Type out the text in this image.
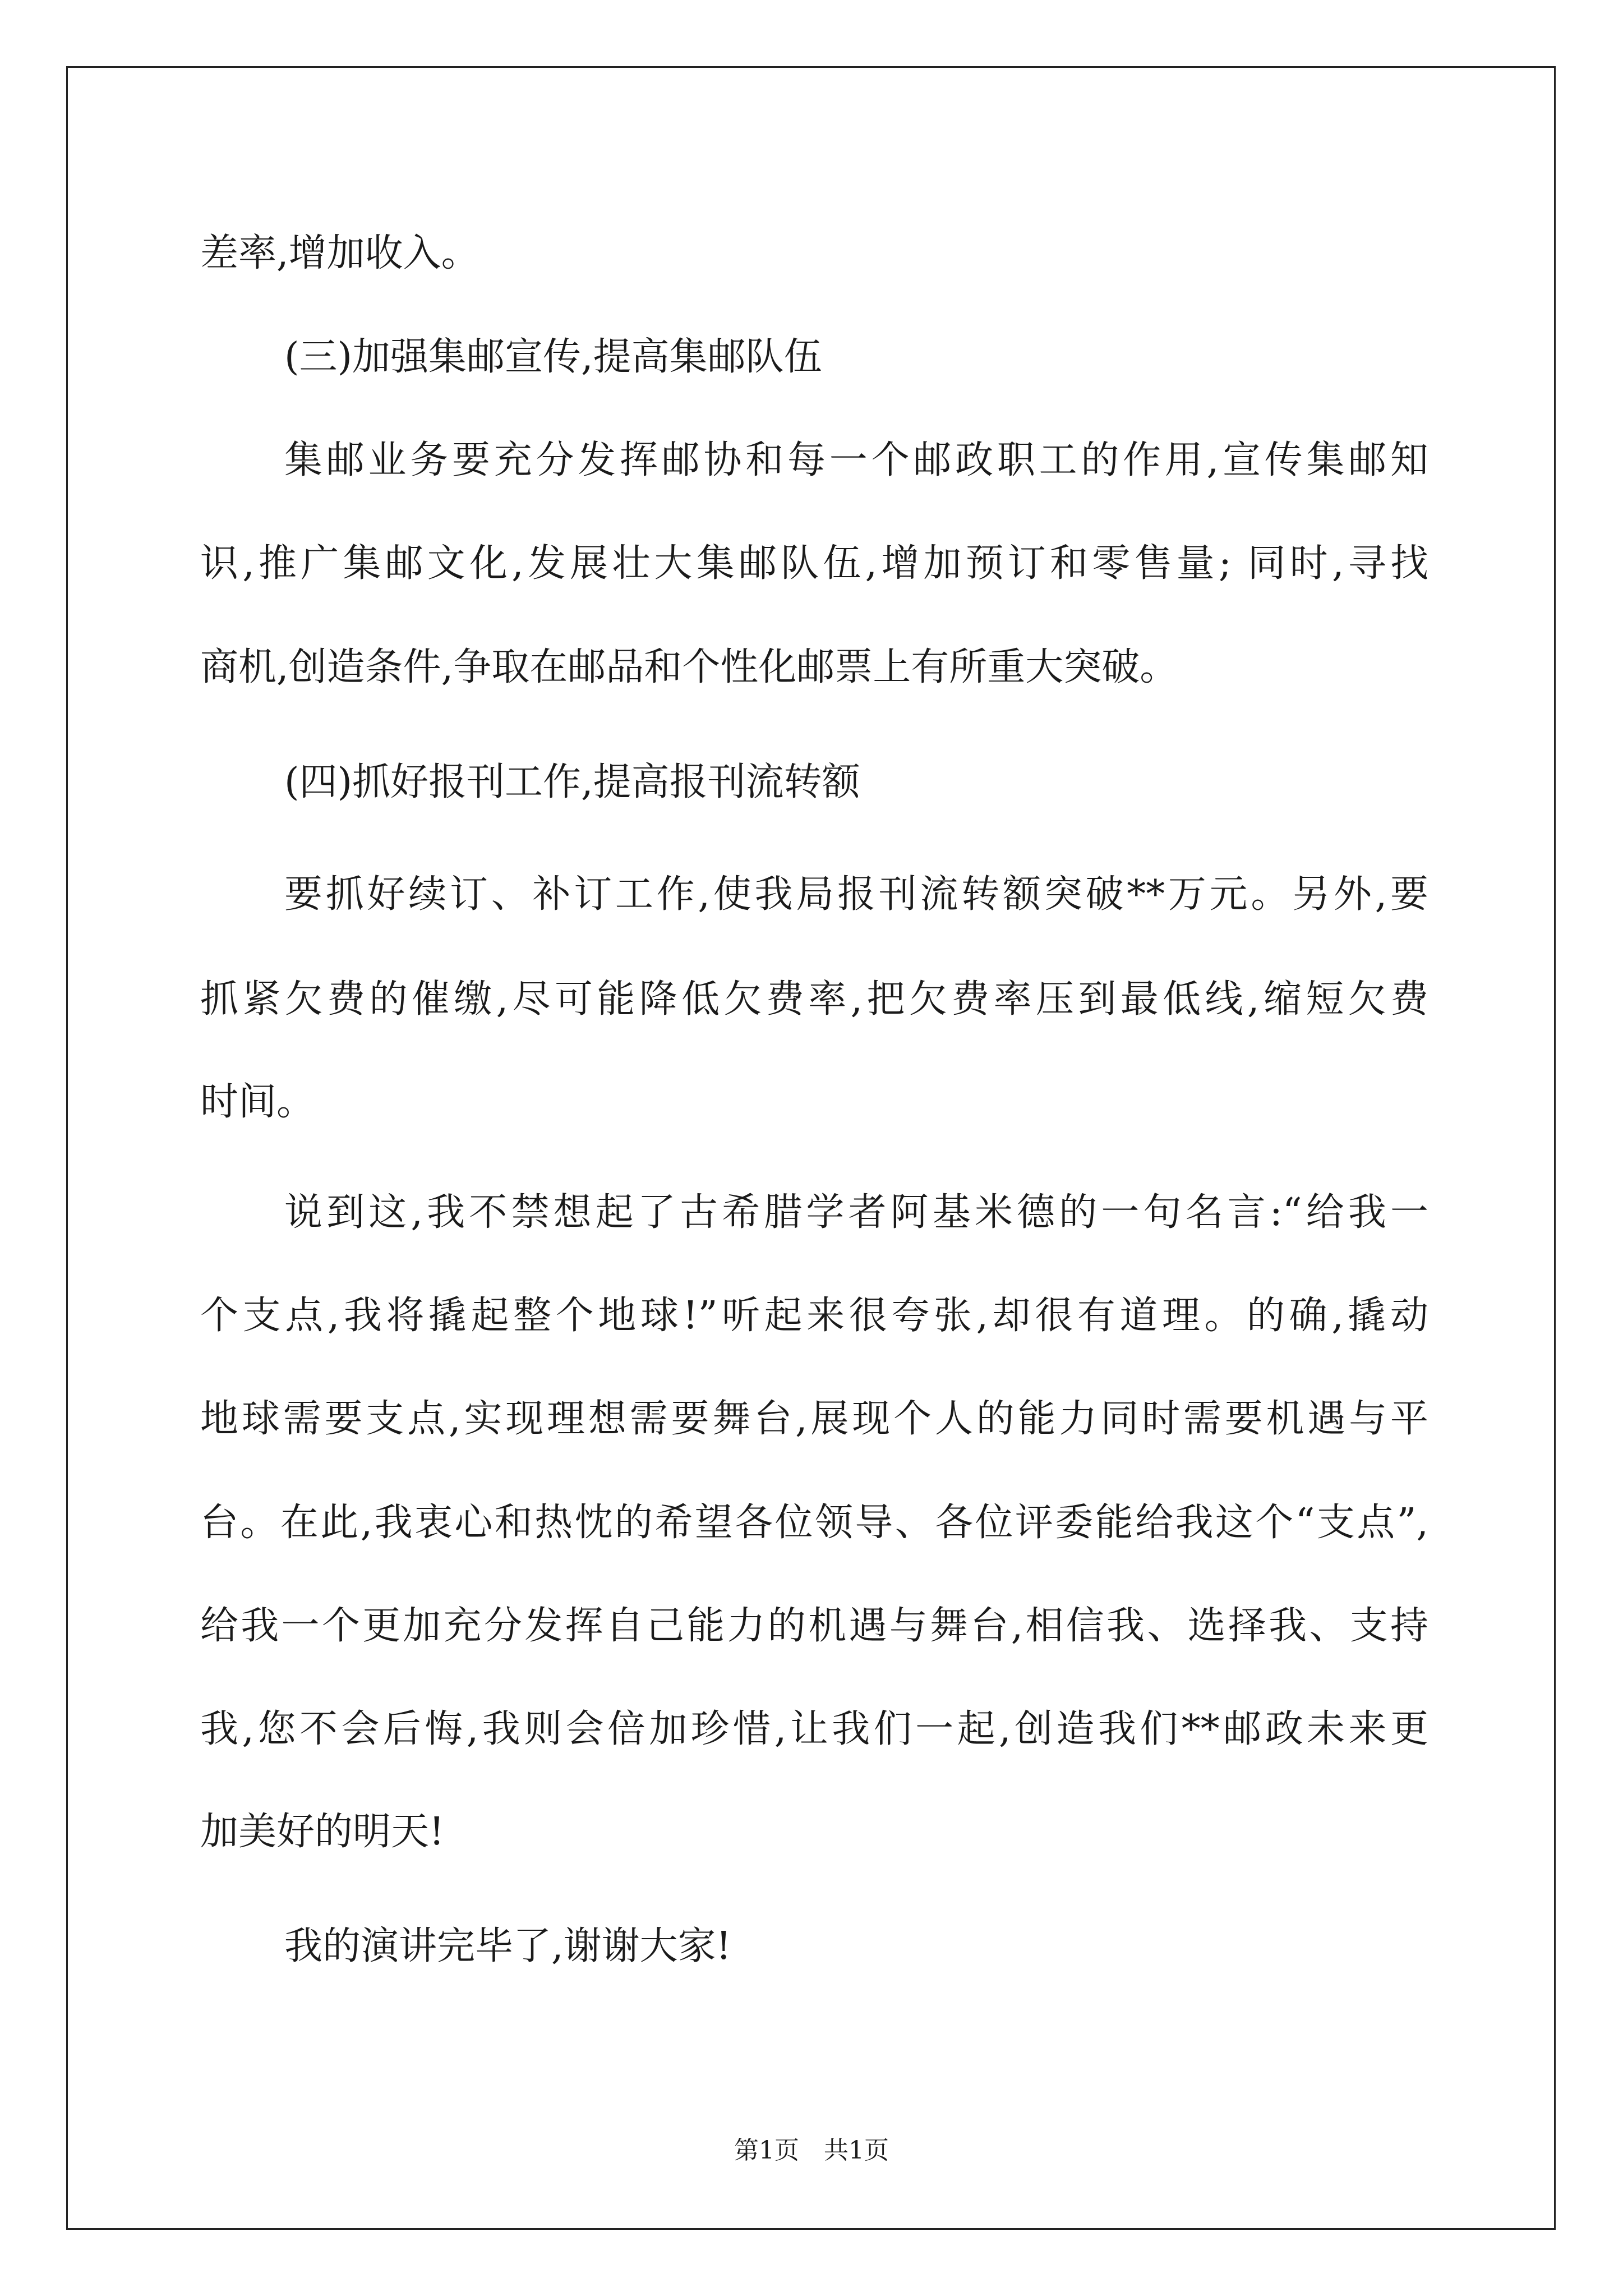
差率,增加收入。
(三)加强集邮宣传,提高集邮队伍
集邮业务要充分发挥邮协和每一个邮政职工的作用,宣传集邮知
识,推广集邮文化,发展壮大集邮队伍,增加预订和零售量; 同时,寻找
商机,创造条件,争取在邮品和个性化邮票上有所重大突破。
(四)抓好报刊工作,提高报刊流转额
要抓好续订、补订工作,使我局报刊流转额突破**万元。另外,要
抓紧欠费的催缴,尽可能降低欠费率,把欠费率压到最低线,缩短欠费
时间。
说到这,我不禁想起了古希腊学者阿基米德的一句名言:“给我一
个支点,我将撬起整个地球!”听起来很夸张,却很有道理。的确,撬动
地球需要支点,实现理想需要舞台,展现个人的能力同时需要机遇与平
台。在此,我衷心和热忱的希望各位领导、各位评委能给我这个“支点”,
给我一个更加充分发挥自己能力的机遇与舞台,相信我、选择我、支持
我,您不会后悔,我则会倍加珍惜,让我们一起,创造我们**邮政未来更
加美好的明天!
我的演讲完毕了,谢谢大家!
第1页　共1页
